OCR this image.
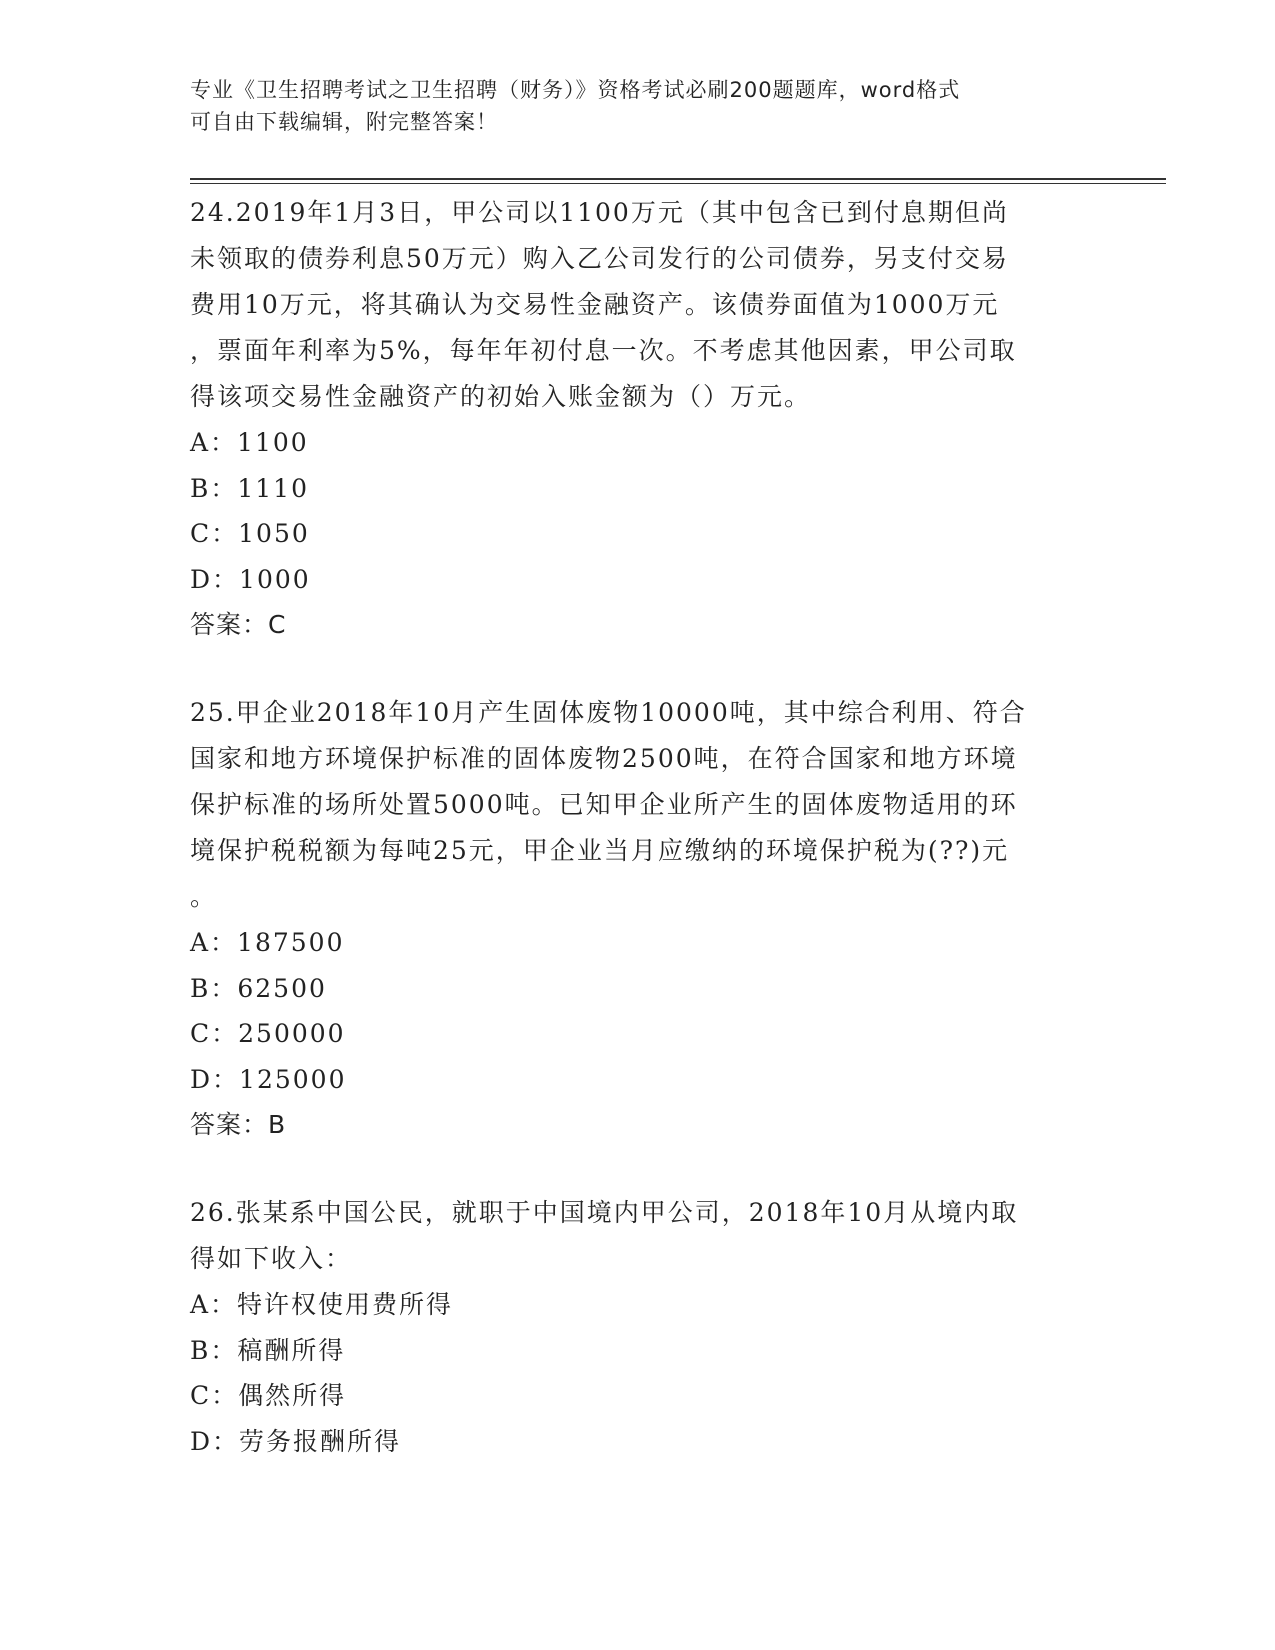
专业《卫生招聘考试之卫生招聘（财务）》资格考试必刷200题题库，word格式
可自由下载编辑，附完整答案！
24.2019年1月3日，甲公司以1100万元（其中包含已到付息期但尚
未领取的债券利息50万元）购入乙公司发行的公司债券，另支付交易
费用10万元，将其确认为交易性金融资产。该债券面值为1000万元
，票面年利率为5%，每年年初付息一次。不考虑其他因素，甲公司取
得该项交易性金融资产的初始入账金额为（）万元。
A：1100
B：1110
C：1050
D：1000
答案：C
25.甲企业2018年10月产生固体废物10000吨，其中综合利用、符合
国家和地方环境保护标准的固体废物2500吨，在符合国家和地方环境
保护标准的场所处置5000吨。已知甲企业所产生的固体废物适用的环
境保护税税额为每吨25元，甲企业当月应缴纳的环境保护税为(??)元
。
A：187500
B：62500
C：250000
D：125000
答案：B
26.张某系中国公民，就职于中国境内甲公司，2018年10月从境内取
得如下收入：
A：特许权使用费所得
B：稿酬所得
C：偶然所得
D：劳务报酬所得
